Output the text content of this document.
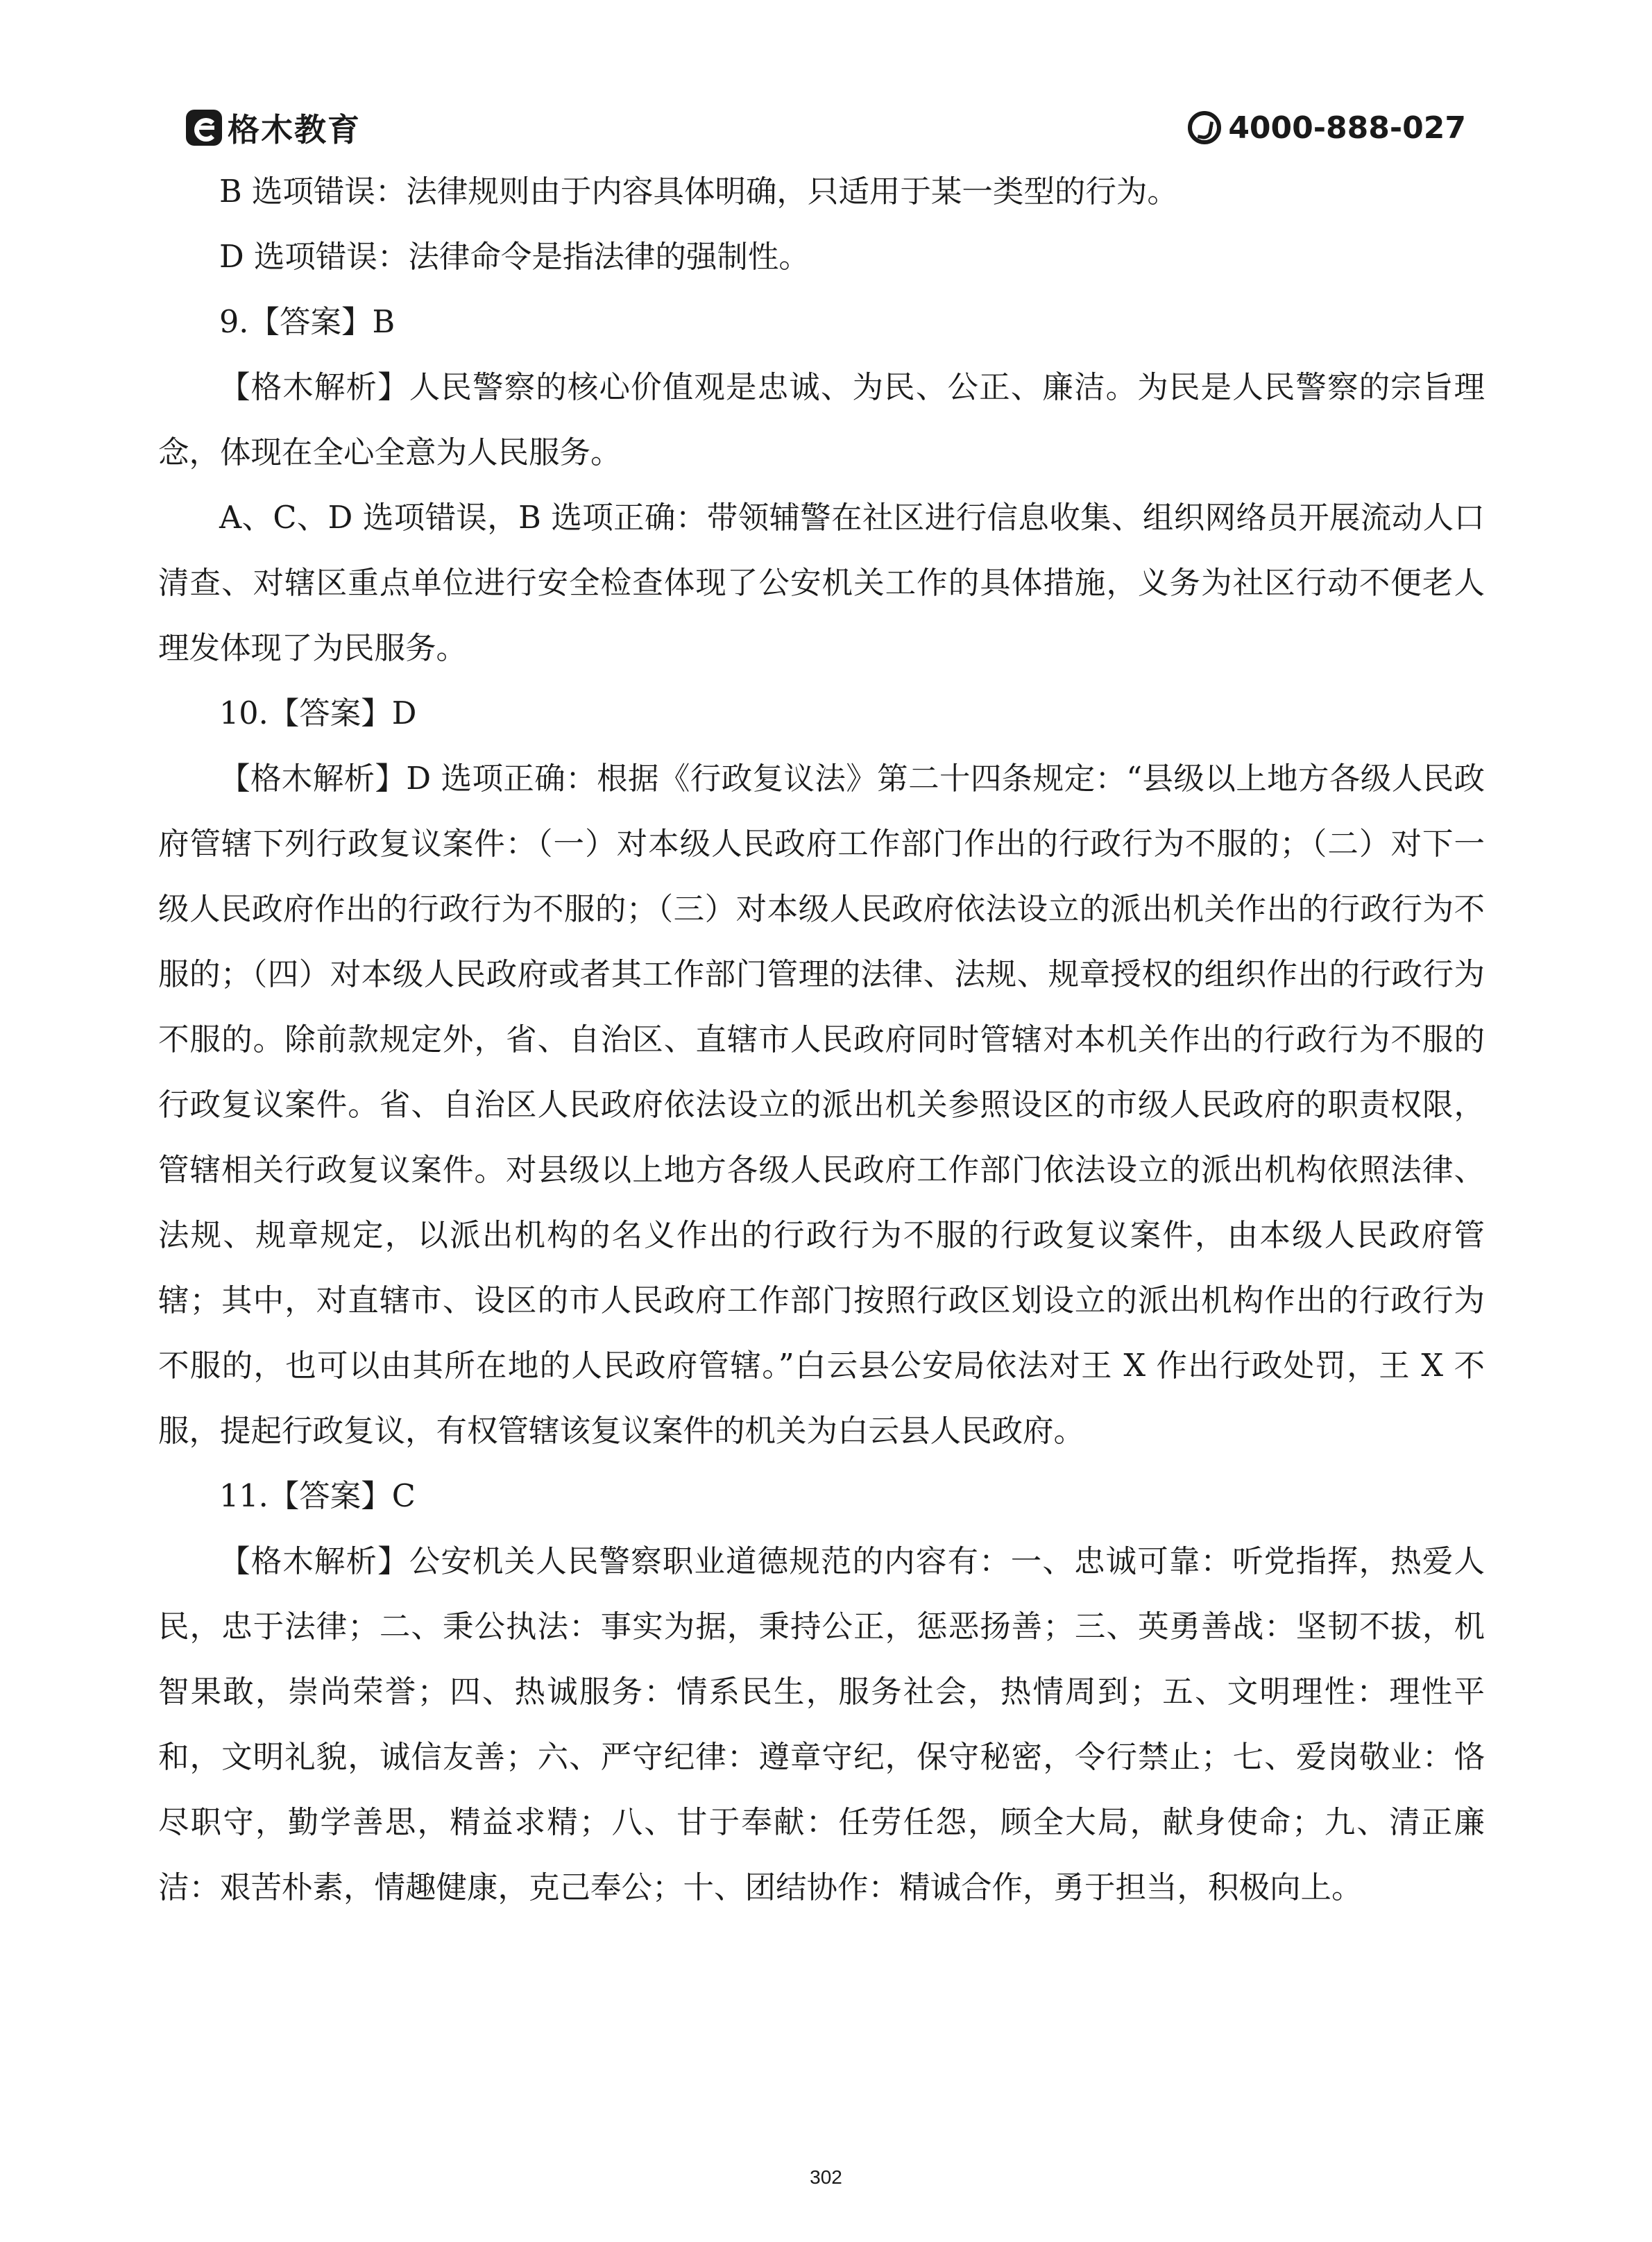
格木教育	4000-888-027

B 选项错误：法律规则由于内容具体明确，只适用于某一类型的行为。

D 选项错误：法律命令是指法律的强制性。

9.【答案】B

【格木解析】人民警察的核心价值观是忠诚、为民、公正、廉洁。为民是人民警察的宗旨理念，体现在全心全意为人民服务。

A、C、D 选项错误，B 选项正确：带领辅警在社区进行信息收集、组织网络员开展流动人口清查、对辖区重点单位进行安全检查体现了公安机关工作的具体措施，义务为社区行动不便老人理发体现了为民服务。

10.【答案】D

【格木解析】D 选项正确：根据《行政复议法》第二十四条规定：“县级以上地方各级人民政府管辖下列行政复议案件：（一）对本级人民政府工作部门作出的行政行为不服的；（二）对下一级人民政府作出的行政行为不服的；（三）对本级人民政府依法设立的派出机关作出的行政行为不服的；（四）对本级人民政府或者其工作部门管理的法律、法规、规章授权的组织作出的行政行为不服的。除前款规定外，省、自治区、直辖市人民政府同时管辖对本机关作出的行政行为不服的行政复议案件。省、自治区人民政府依法设立的派出机关参照设区的市级人民政府的职责权限，管辖相关行政复议案件。对县级以上地方各级人民政府工作部门依法设立的派出机构依照法律、法规、规章规定，以派出机构的名义作出的行政行为不服的行政复议案件，由本级人民政府管辖；其中，对直辖市、设区的市人民政府工作部门按照行政区划设立的派出机构作出的行政行为不服的，也可以由其所在地的人民政府管辖。”白云县公安局依法对王 X 作出行政处罚，王 X 不服，提起行政复议，有权管辖该复议案件的机关为白云县人民政府。

11.【答案】C

【格木解析】公安机关人民警察职业道德规范的内容有：一、忠诚可靠：听党指挥，热爱人民，忠于法律；二、秉公执法：事实为据，秉持公正，惩恶扬善；三、英勇善战：坚韧不拔，机智果敢，崇尚荣誉；四、热诚服务：情系民生，服务社会，热情周到；五、文明理性：理性平和，文明礼貌，诚信友善；六、严守纪律：遵章守纪，保守秘密，令行禁止；七、爱岗敬业：恪尽职守，勤学善思，精益求精；八、甘于奉献：任劳任怨，顾全大局，献身使命；九、清正廉洁：艰苦朴素，情趣健康，克己奉公；十、团结协作：精诚合作，勇于担当，积极向上。

302
